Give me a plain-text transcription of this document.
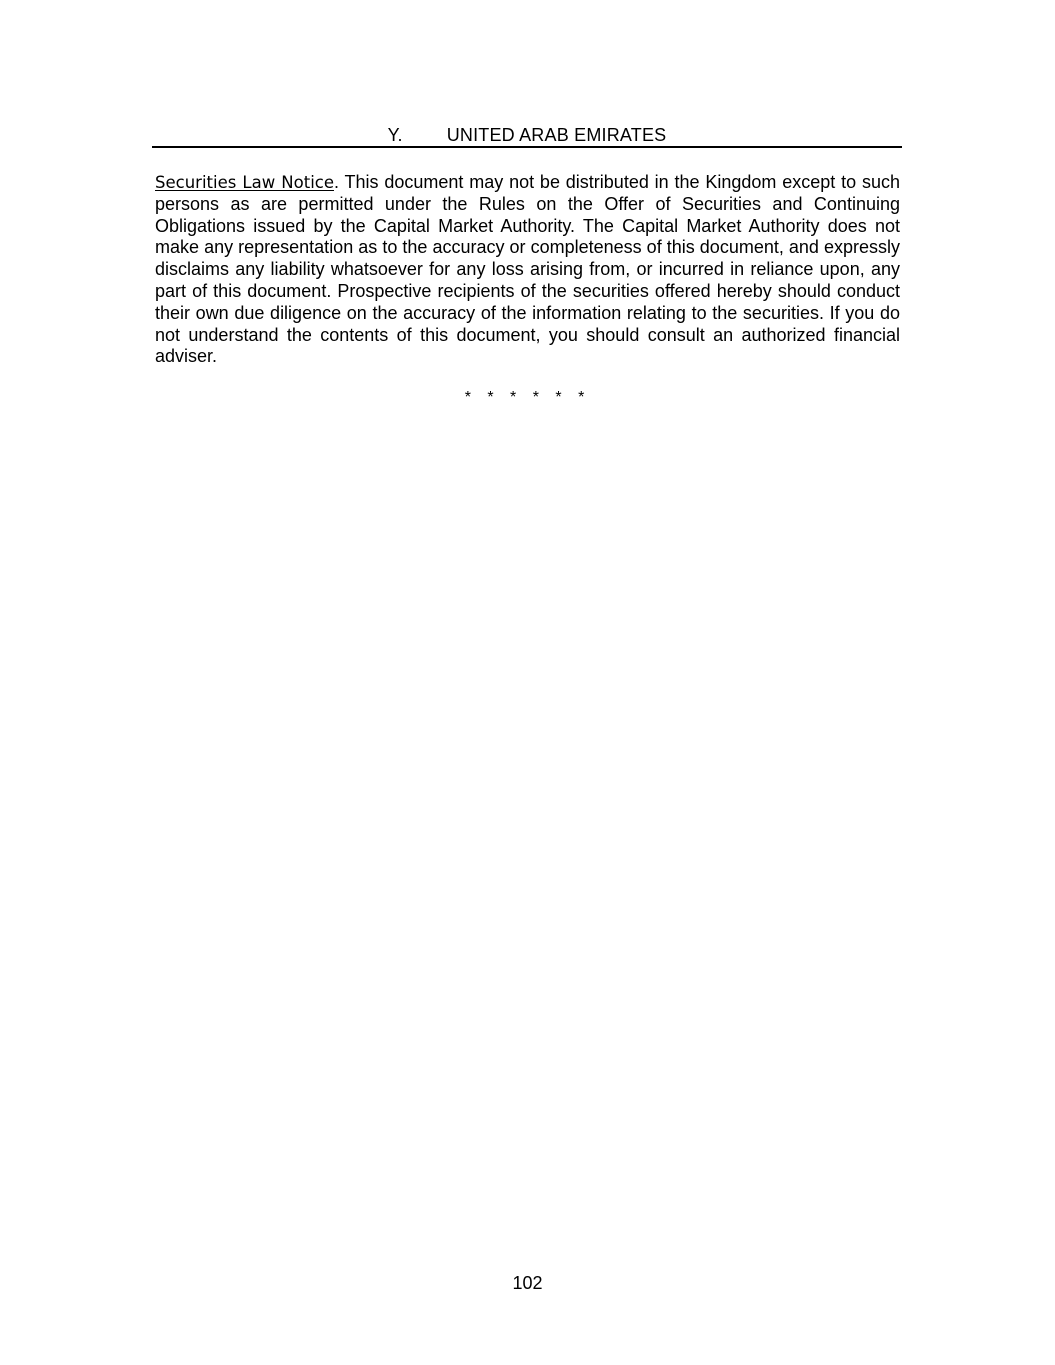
Y. UNITED ARAB EMIRATES

Securities Law Notice. This document may not be distributed in the Kingdom except to such persons as are permitted under the Rules on the Offer of Securities and Continuing Obligations issued by the Capital Market Authority. The Capital Market Authority does not make any representation as to the accuracy or completeness of this document, and expressly disclaims any liability whatsoever for any loss arising from, or incurred in reliance upon, any part of this document. Prospective recipients of the securities offered hereby should conduct their own due diligence on the accuracy of the information relating to the securities. If you do not understand the contents of this document, you should consult an authorized financial adviser.

* * * * * *
102
